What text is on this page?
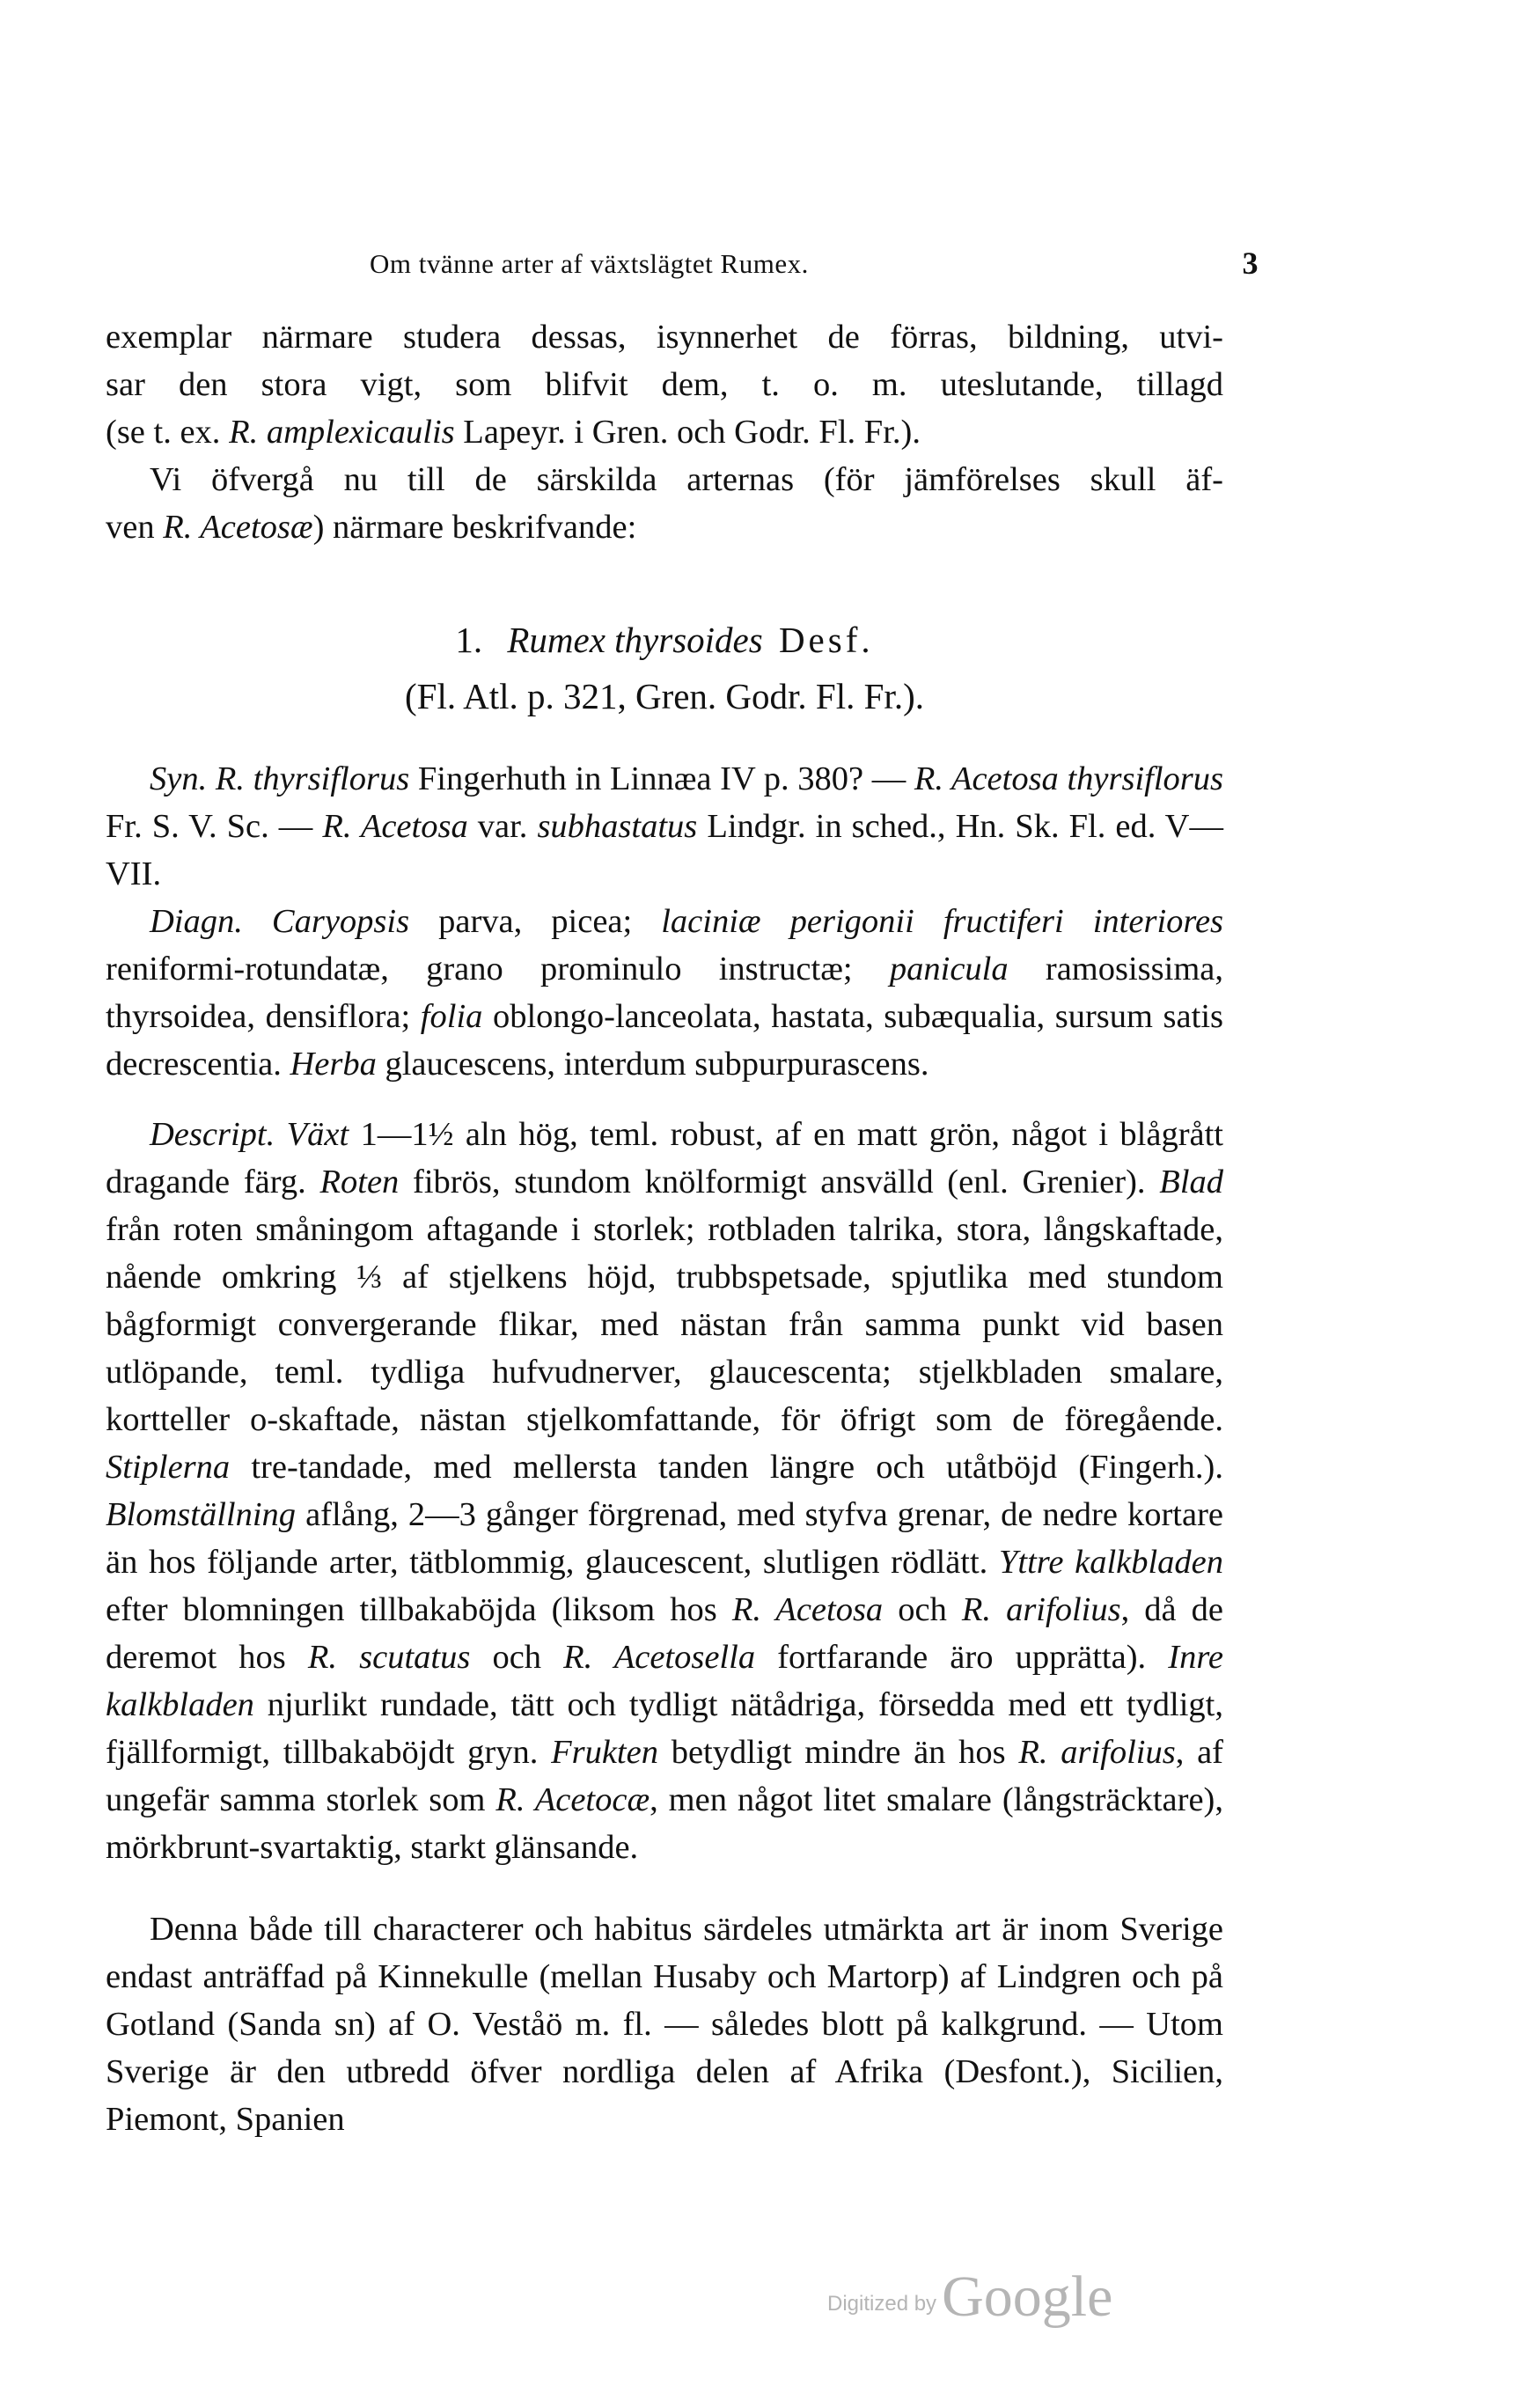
Om tvänne arter af växtslägtet Rumex.	3
exemplar närmare studera dessas, isynnerhet de förras, bildning, utvi-
sar den stora vigt, som blifvit dem, t. o. m. uteslutande, tillagd
(se t. ex. R. amplexicaulis Lapeyr. i Gren. och Godr. Fl. Fr.).
Vi öfvergå nu till de särskilda arternas (för jämförelses skull äf-
ven R. Acetosæ) närmare beskrifvande:
1. Rumex thyrsoides Desf.
(Fl. Atl. p. 321, Gren. Godr. Fl. Fr.).

Syn. R. thyrsiflorus Fingerhuth in Linnæa IV p. 380? — R. Acetosa thyrsiflorus Fr. S. V. Sc. — R. Acetosa var. subhastatus Lindgr. in sched., Hn. Sk. Fl. ed. V—VII.

Diagn. Caryopsis parva, picea; laciniæ perigonii fructiferi interiores reniformi-rotundatæ, grano prominulo instructæ; panicula ramosissima, thyrsoidea, densiflora; folia oblongo-lanceolata, hastata, subæqualia, sursum satis decrescentia. Herba glaucescens, interdum subpurpurascens.

Descript. Växt 1—1½ aln hög, teml. robust, af en matt grön, något i blågrått dragande färg. Roten fibrös, stundom knölformigt ansvälld (enl. Grenier). Blad från roten småningom aftagande i storlek; rotbladen talrika, stora, långskaftade, nående omkring ⅓ af stjelkens höjd, trubbspetsade, spjutlika med stundom bågformigt convergerande flikar, med nästan från samma punkt vid basen utlöpande, teml. tydliga hufvudnerver, glaucescenta; stjelkbladen smalare, kortteller o-skaftade, nästan stjelkomfattande, för öfrigt som de föregående. Stiplerna tre-tandade, med mellersta tanden längre och utåtböjd (Fingerh.). Blomställning aflång, 2—3 gånger förgrenad, med styfva grenar, de nedre kortare än hos följande arter, tätblommig, glaucescent, slutligen rödlätt. Yttre kalkbladen efter blomningen tillbakaböjda (liksom hos R. Acetosa och R. arifolius, då de deremot hos R. scutatus och R. Acetosella fortfarande äro upprätta). Inre kalkbladen njurlikt rundade, tätt och tydligt nätådriga, försedda med ett tydligt, fjällformigt, tillbakaböjdt gryn. Frukten betydligt mindre än hos R. arifolius, af ungefär samma storlek som R. Acetocæ, men något litet smalare (långsträcktare), mörkbrunt-svartaktig, starkt glänsande.

Denna både till characterer och habitus särdeles utmärkta art är inom Sverige endast anträffad på Kinnekulle (mellan Husaby och Martorp) af Lindgren och på Gotland (Sanda sn) af O. Veståö m. fl. — således blott på kalkgrund. — Utom Sverige är den utbredd öfver nordliga delen af Afrika (Desfont.), Sicilien, Piemont, Spanien

Digitized byGoogle
